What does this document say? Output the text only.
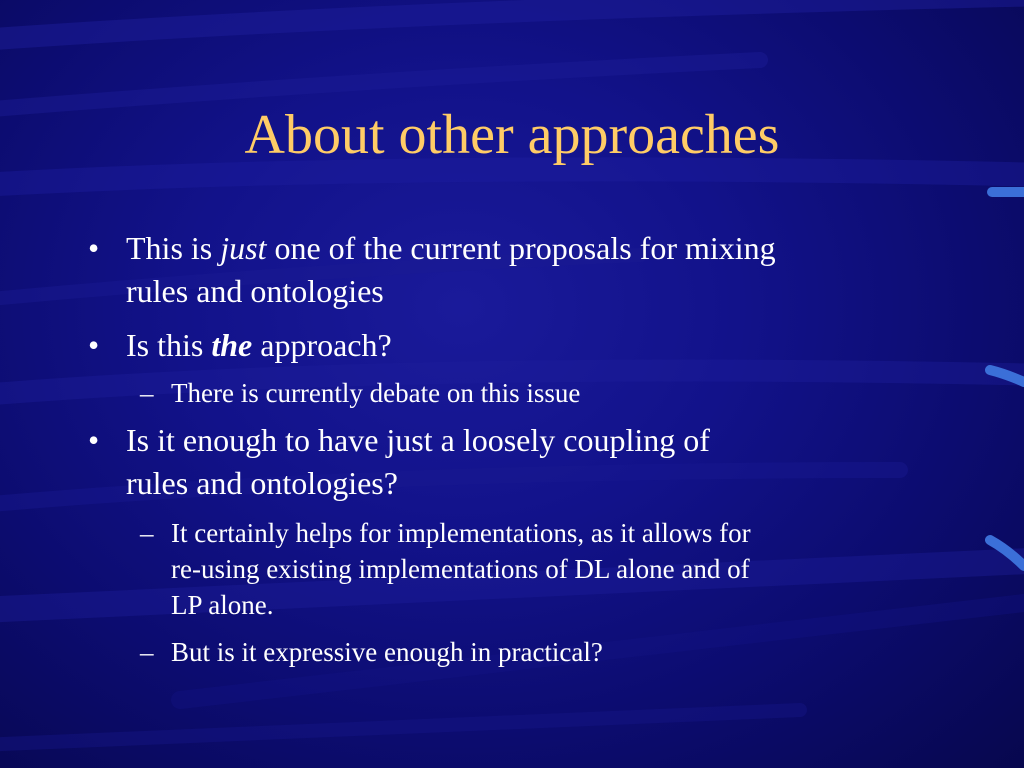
About other approaches
• This is just one of the current proposals for mixing
rules and ontologies
• Is this the approach?
– There is currently debate on this issue
• Is it enough to have just a loosely coupling of
rules and ontologies?
– It certainly helps for implementations, as it allows for
re-using existing implementations of DL alone and of
LP alone.
– But is it expressive enough in practical?
